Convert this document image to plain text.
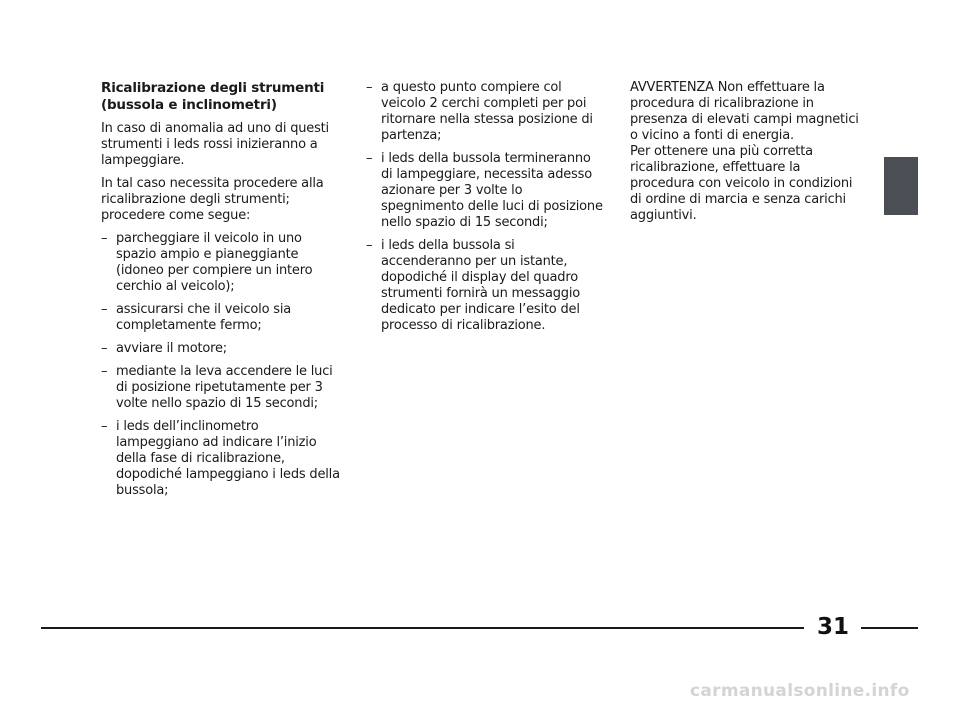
Ricalibrazione degli strumenti
(bussola e inclinometri)

In caso di anomalia ad uno di questi strumenti i leds rossi inizieranno a lampeggiare.

In tal caso necessita procedere alla ricalibrazione degli strumenti; procedere come segue:

– parcheggiare il veicolo in uno spazio ampio e pianeggiante (idoneo per compiere un intero cerchio al veicolo);
– assicurarsi che il veicolo sia completamente fermo;
– avviare il motore;
– mediante la leva accendere le luci di posizione ripetutamente per 3 volte nello spazio di 15 secondi;
– i leds dell’inclinometro lampeggiano ad indicare l’inizio della fase di ricalibrazione, dopodiché lampeggiano i leds della bussola;
– a questo punto compiere col veicolo 2 cerchi completi per poi ritornare nella stessa posizione di partenza;
– i leds della bussola termineranno di lampeggiare, necessita adesso azionare per 3 volte lo spegnimento delle luci di posizione nello spazio di 15 secondi;
– i leds della bussola si accenderanno per un istante, dopodiché il display del quadro strumenti fornirà un messaggio dedicato per indicare l’esito del processo di ricalibrazione.

AVVERTENZA Non effettuare la procedura di ricalibrazione in presenza di elevati campi magnetici o vicino a fonti di energia.
Per ottenere una più corretta ricalibrazione, effettuare la procedura con veicolo in condizioni di ordine di marcia e senza carichi aggiuntivi.

31
carmanualsonline.info
